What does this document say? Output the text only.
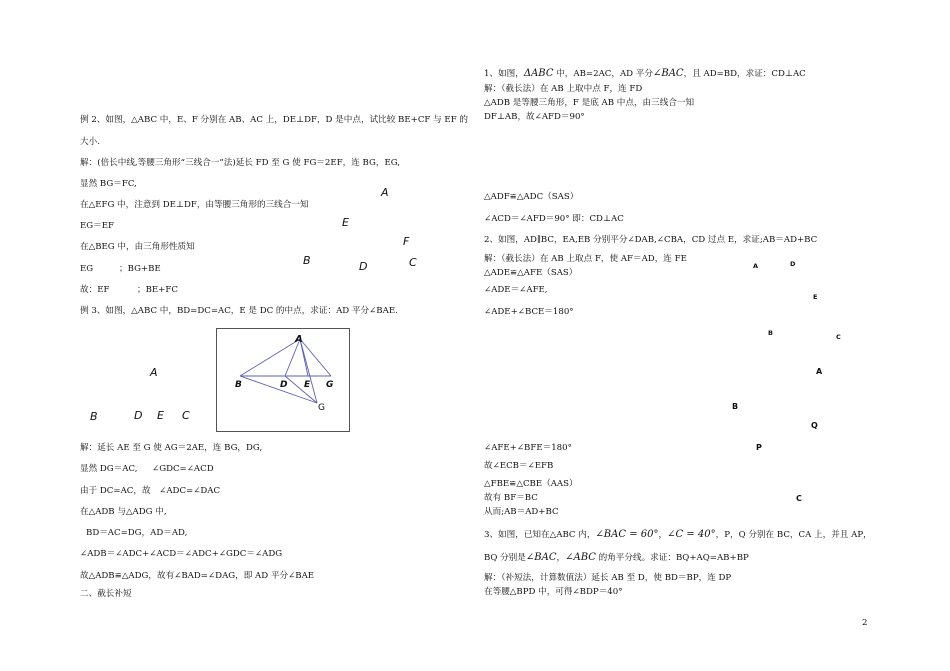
例 2、如图，△ABC 中，E、F 分别在 AB、AC 上，DE⊥DF，D 是中点，试比较 BE+CF 与 EF 的
大小.
解：(倍长中线,等腰三角形“三线合一”法)延长 FD 至 G 使 FG＝2EF，连 BG，EG,
显然 BG＝FC,
在△EFG 中，注意到 DE⊥DF，由等腰三角形的三线合一知
EG＝EF
在△BEG 中，由三角形性质知
EG	；BG+BE
故：EF	；BE+FC
A
E
F
B	D	C
例 3、如图，△ABC 中，BD=DC=AC，E 是 DC 的中点，求证：AD 平分∠BAE.
A
B	D E C
A
B	D E G
G
解：延长 AE 至 G 使 AG＝2AE，连 BG，DG,
显然 DG＝AC, ∠GDC=∠ACD
由于 DC=AC，故　∠ADC=∠DAC
在△ADB 与△ADG 中,
BD＝AC=DG，AD＝AD,
∠ADB＝∠ADC+∠ACD＝∠ADC+∠GDC＝∠ADG
故△ADB≌△ADG，故有∠BAD=∠DAG，即 AD 平分∠BAE
二、截长补短
1、如图，ΔABC 中，AB=2AC，AD 平分∠BAC，且 AD=BD，求证：CD⊥AC
解：（截长法）在 AB 上取中点 F，连 FD
△ADB 是等腰三角形，F 是底 AB 中点，由三线合一知
DF⊥AB，故∠AFD＝90°
△ADF≌△ADC（SAS）
∠ACD＝∠AFD＝90° 即：CD⊥AC
2、如图，AD∥BC，EA,EB 分别平分∠DAB,∠CBA，CD 过点 E，求证;AB＝AD+BC
解：（截长法）在 AB 上取点 F，使 AF＝AD，连 FE
△ADE≌△AFE（SAS）
∠ADE＝∠AFE,
∠ADE+∠BCE＝180°
A	D
E
B	C
A
B
Q
P
C
∠AFE+∠BFE＝180°
故∠ECB＝∠EFB
△FBE≌△CBE（AAS）
故有 BF＝BC
从而;AB＝AD+BC
3、如图，已知在△ABC 内，∠BAC = 60°，∠C = 40°，P，Q 分别在 BC，CA 上，并且 AP，
BQ 分别是∠BAC，∠ABC 的角平分线。求证：BQ+AQ=AB+BP
解：（补短法，计算数值法）延长 AB 至 D，使 BD＝BP，连 DP
在等腰△BPD 中，可得∠BDP＝40°
2
